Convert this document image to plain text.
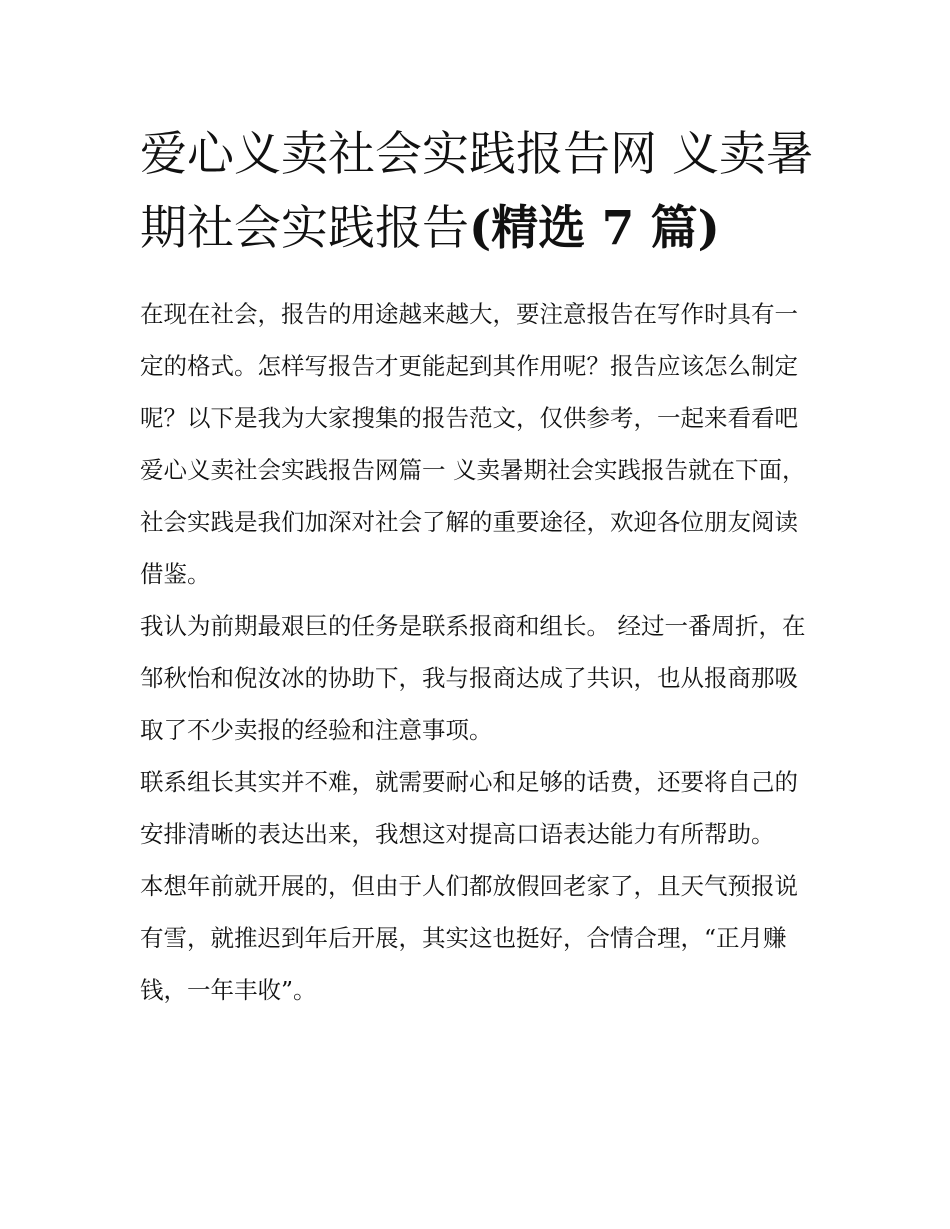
爱心义卖社会实践报告网 义卖暑期社会实践报告(精选 7 篇)

在现在社会，报告的用途越来越大，要注意报告在写作时具有一定的格式。怎样写报告才更能起到其作用呢？报告应该怎么制定呢？以下是我为大家搜集的报告范文，仅供参考，一起来看看吧

爱心义卖社会实践报告网篇一 义卖暑期社会实践报告就在下面，社会实践是我们加深对社会了解的重要途径，欢迎各位朋友阅读借鉴。

我认为前期最艰巨的任务是联系报商和组长。 经过一番周折，在邹秋怡和倪汝冰的协助下，我与报商达成了共识，也从报商那吸取了不少卖报的经验和注意事项。

联系组长其实并不难，就需要耐心和足够的话费，还要将自己的安排清晰的表达出来，我想这对提高口语表达能力有所帮助。

本想年前就开展的，但由于人们都放假回老家了，且天气预报说有雪，就推迟到年后开展，其实这也挺好，合情合理，“正月赚钱，一年丰收”。
